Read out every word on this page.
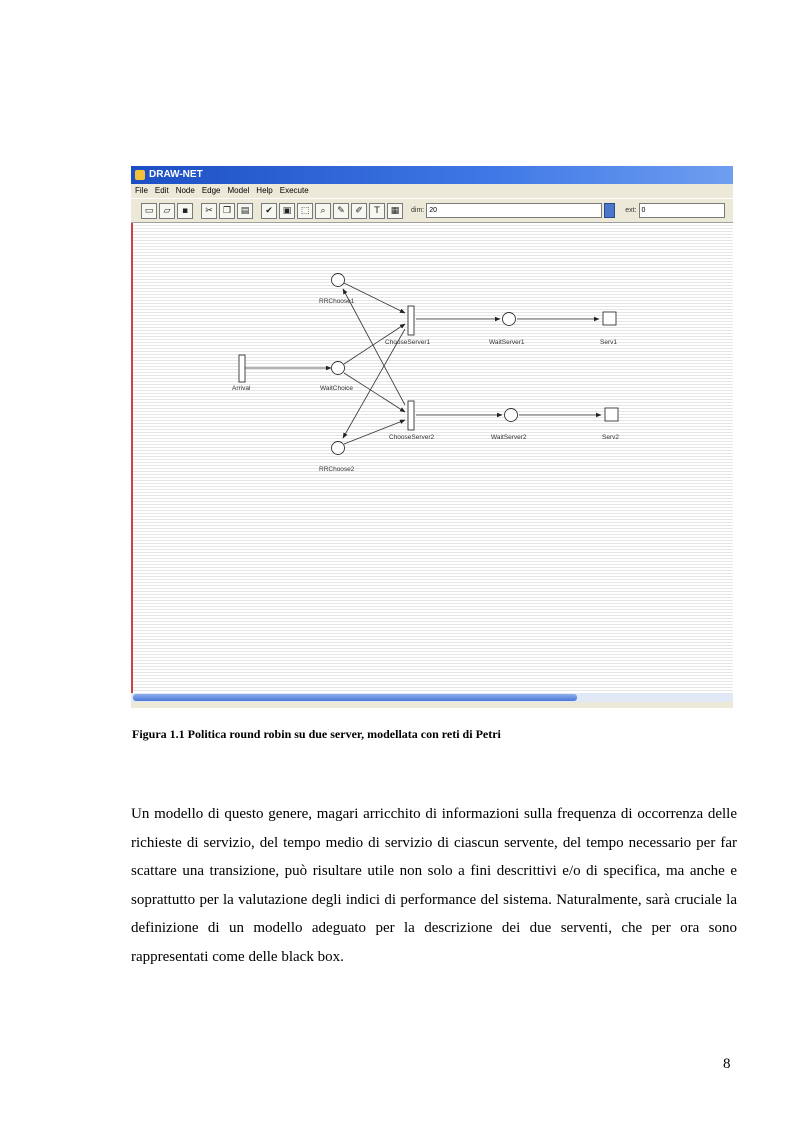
DRAW-NET
File Edit Node Edge Model Help Execute
▭	▱	▪	✂	❐	▤	✔	▣	⬚	⌕	✎	✐	T	▦	dim: 20	ext: 0
Arrival
RRChoose1
WaitChoice
RRChoose2
ChooseServer1
ChooseServer2
WaitServer1
WaitServer2
Serv1
Serv2
Figura 1.1 Politica round robin su due server, modellata con reti di Petri

Un modello di questo genere, magari arricchito di informazioni sulla frequenza di occorrenza delle richieste di servizio, del tempo medio di servizio di ciascun servente, del tempo necessario per far scattare una transizione, può risultare utile non solo a fini descrittivi e/o di specifica, ma anche e soprattutto per la valutazione degli indici di performance del sistema. Naturalmente, sarà cruciale la definizione di un modello adeguato per la descrizione dei due serventi, che per ora sono rappresentati come delle black box.

8
